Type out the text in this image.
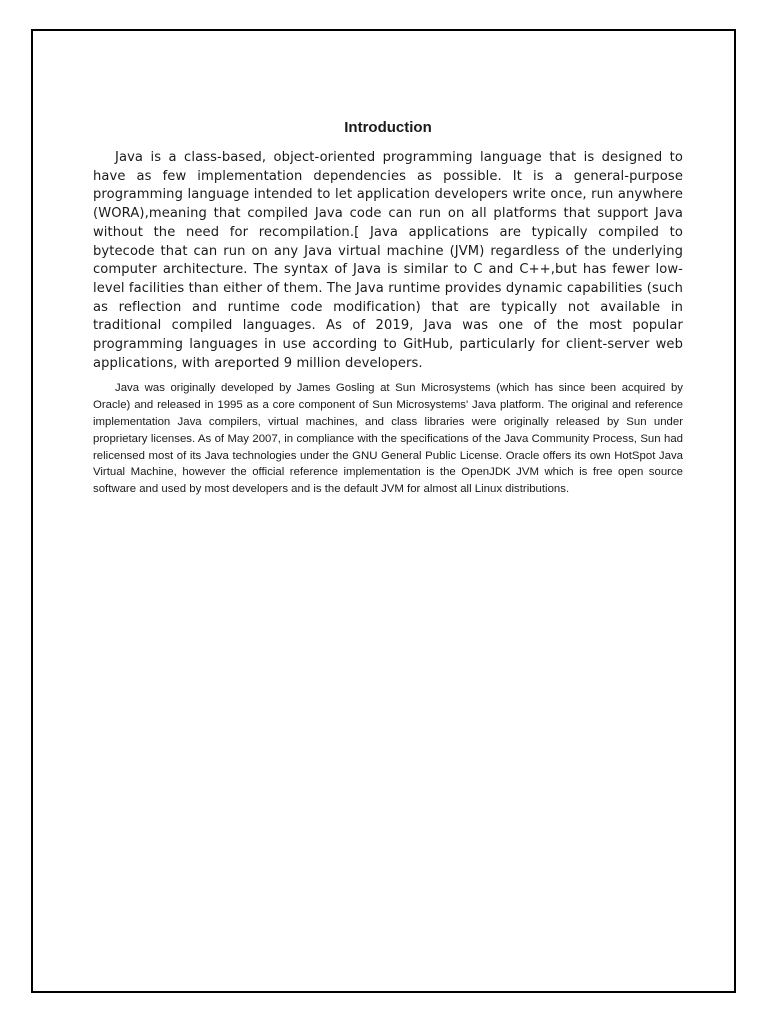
Introduction

Java is a class-based, object-oriented programming language that is designed to have as few implementation dependencies as possible. It is a general-purpose programming language intended to let application developers write once, run anywhere (WORA),meaning that compiled Java code can run on all platforms that support Java without the need for recompilation.[ Java applications are typically compiled to bytecode that can run on any Java virtual machine (JVM) regardless of the underlying computer architecture. The syntax of Java is similar to C and C++,but has fewer low- level facilities than either of them. The Java runtime provides dynamic capabilities (such as reflection and runtime code modification) that are typically not available in traditional compiled languages. As of 2019, Java was one of the most popular programming languages in use according to GitHub, particularly for client-server web applications, with areported 9 million developers.

Java was originally developed by James Gosling at Sun Microsystems (which has since been acquired by Oracle) and released in 1995 as a core component of Sun Microsystems' Java platform. The original and reference implementation Java compilers, virtual machines, and class libraries were originally released by Sun under proprietary licenses. As of May 2007, in compliance with the specifications of the Java Community Process, Sun had relicensed most of its Java technologies under the GNU General Public License. Oracle offers its own HotSpot Java Virtual Machine, however the official reference implementation is the OpenJDK JVM which is free open source software and used by most developers and is the default JVM for almost all Linux distributions.
